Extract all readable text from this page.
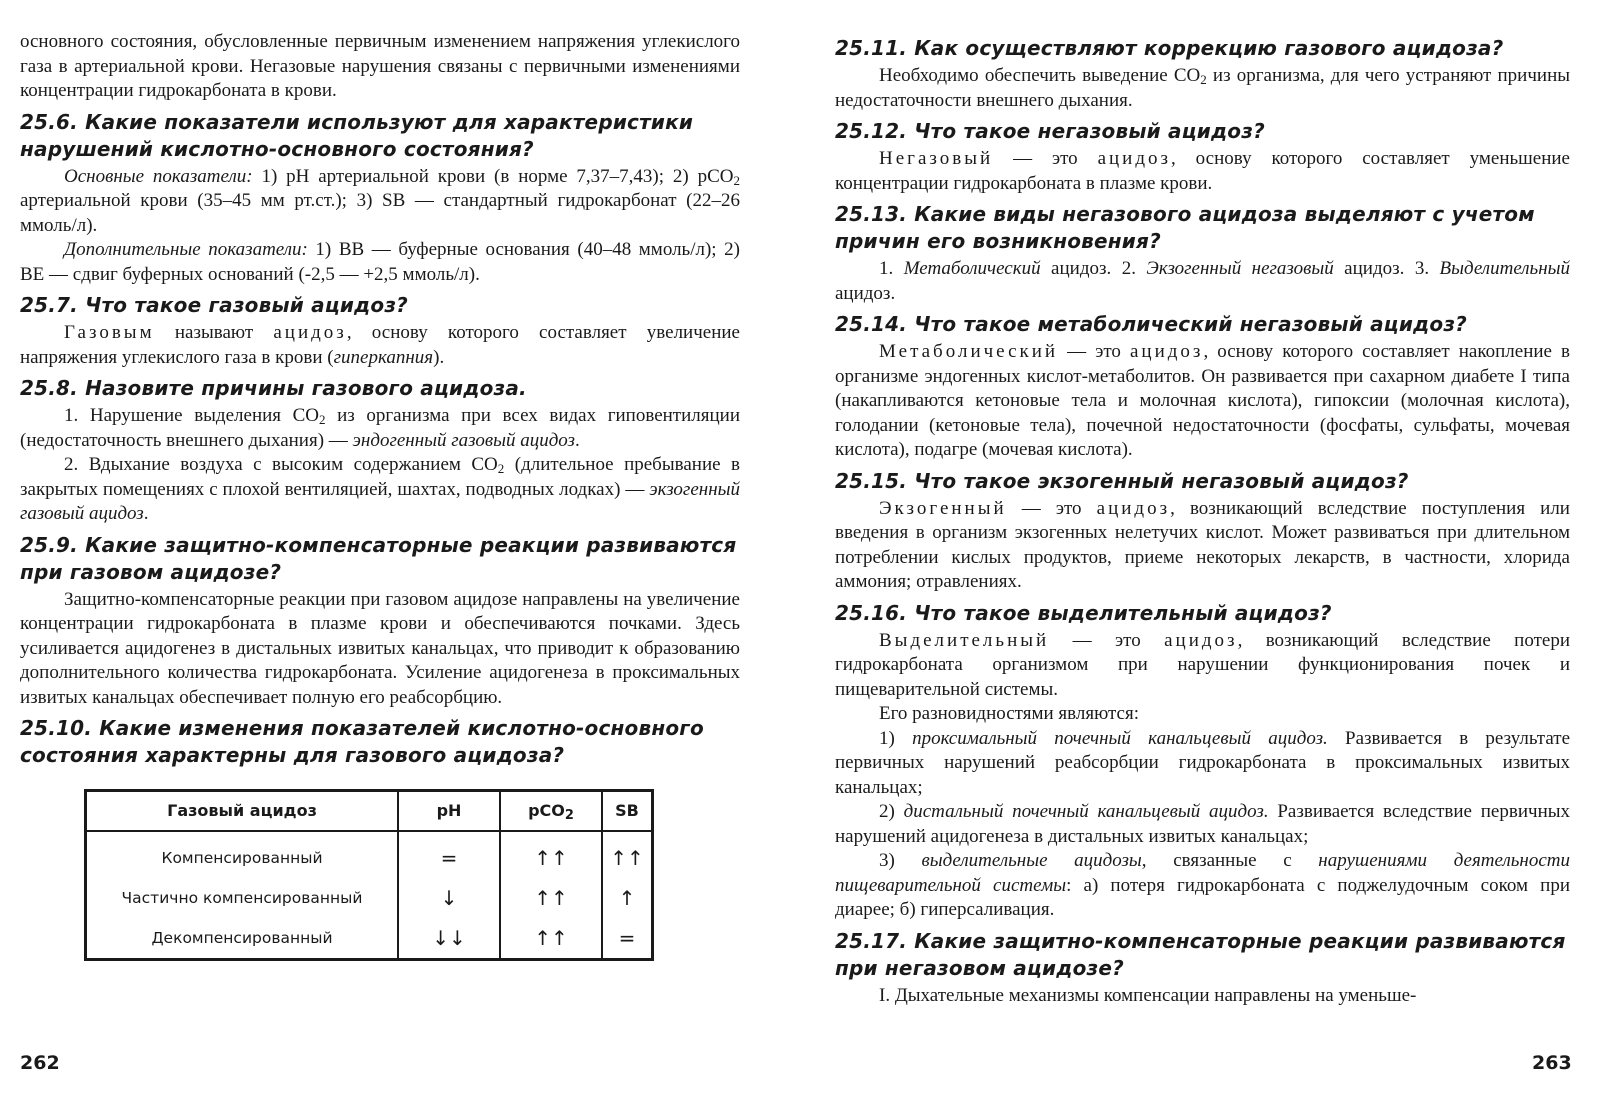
основного состояния, обусловленные первичным изменением напряжения углекислого газа в артериальной крови. Негазовые нарушения связаны с первичными изменениями концентрации гидрокарбоната в крови.

25.6. Какие показатели используют для характеристики нарушений кислотно-основного состояния?

Основные показатели: 1) рН артериальной крови (в норме 7,37–7,43); 2) рСО$_2$ артериальной крови (35–45 мм рт.ст.); 3) SB — стандартный гидрокарбонат (22–26 ммоль/л).

Дополнительные показатели: 1) ВВ — буферные основания (40–48 ммоль/л); 2) ВЕ — сдвиг буферных оснований (-2,5 — +2,5 ммоль/л).

25.7. Что такое газовый ацидоз?

Газовым называют ацидоз, основу которого составляет увеличение напряжения углекислого газа в крови (гиперкапния).

25.8. Назовите причины газового ацидоза.

1. Нарушение выделения $СО_2$ из организма при всех видах гиповентиляции (недостаточность внешнего дыхания) — эндогенный газовый ацидоз.

2. Вдыхание воздуха с высоким содержанием $СО_2$ (длительное пребывание в закрытых помещениях с плохой вентиляцией, шахтах, подводных лодках) — экзогенный газовый ацидоз.

25.9. Какие защитно-компенсаторные реакции развиваются при газовом ацидозе?

Защитно-компенсаторные реакции при газовом ацидозе направлены на увеличение концентрации гидрокарбоната в плазме крови и обеспечиваются почками. Здесь усиливается ацидогенез в дистальных извитых канальцах, что приводит к образованию дополнительного количества гидрокарбоната. Усиление ацидогенеза в проксимальных извитых канальцах обеспечивает полную его реабсорбцию.

25.10. Какие изменения показателей кислотно-основного состояния характерны для газового ацидоза?
Газовый ацидоз	pH	pCO$_2$	SB
Компенсированный	=	↑↑	↑↑
Частично компенсированный	↓	↑↑	↑
Декомпенсированный	↓↓	↑↑	=
25.11. Как осуществляют коррекцию газового ацидоза?

Необходимо обеспечить выведение $СО_2$ из организма, для чего устраняют причины недостаточности внешнего дыхания.

25.12. Что такое негазовый ацидоз?

Негазовый — это ацидоз, основу которого составляет уменьшение концентрации гидрокарбоната в плазме крови.

25.13. Какие виды негазового ацидоза выделяют с учетом причин его возникновения?

1. Метаболический ацидоз. 2. Экзогенный негазовый ацидоз. 3. Выделительный ацидоз.

25.14. Что такое метаболический негазовый ацидоз?

Метаболический — это ацидоз, основу которого составляет накопление в организме эндогенных кислот-метаболитов. Он развивается при сахарном диабете I типа (накапливаются кетоновые тела и молочная кислота), гипоксии (молочная кислота), голодании (кетоновые тела), почечной недостаточности (фосфаты, сульфаты, мочевая кислота), подагре (мочевая кислота).

25.15. Что такое экзогенный негазовый ацидоз?

Экзогенный — это ацидоз, возникающий вследствие поступления или введения в организм экзогенных нелетучих кислот. Может развиваться при длительном потреблении кислых продуктов, приеме некоторых лекарств, в частности, хлорида аммония; отравлениях.

25.16. Что такое выделительный ацидоз?

Выделительный — это ацидоз, возникающий вследствие потери гидрокарбоната организмом при нарушении функционирования почек и пищеварительной системы.

Его разновидностями являются:

1) проксимальный почечный канальцевый ацидоз. Развивается в результате первичных нарушений реабсорбции гидрокарбоната в проксимальных извитых канальцах;

2) дистальный почечный канальцевый ацидоз. Развивается вследствие первичных нарушений ацидогенеза в дистальных извитых канальцах;

3) выделительные ацидозы, связанные с нарушениями деятельности пищеварительной системы: а) потеря гидрокарбоната с поджелудочным соком при диарее; б) гиперсаливация.

25.17. Какие защитно-компенсаторные реакции развиваются при негазовом ацидозе?

I. Дыхательные механизмы компенсации направлены на уменьше-

262	263
